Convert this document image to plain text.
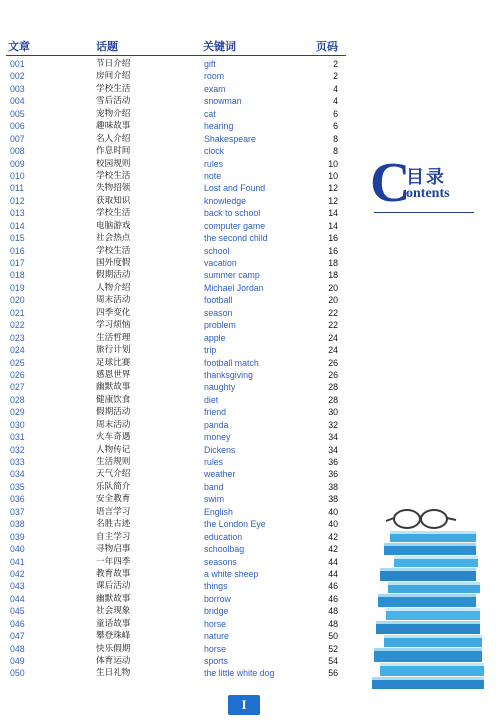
文章	话题	关键词	页码
001	节日介绍	gift	2
002	房间介绍	room	2
003	学校生活	exam	4
004	雪后活动	snowman	4
005	宠物介绍	cat	6
006	趣味故事	hearing	6
007	名人介绍	Shakespeare	8
008	作息时间	clock	8
009	校园规则	rules	10
010	学校生活	note	10
011	失物招领	Lost and Found	12
012	获取知识	knowledge	12
013	学校生活	back to school	14
014	电脑游戏	computer game	14
015	社会热点	the second child	16
016	学校生活	school	16
017	国外度假	vacation	18
018	假期活动	summer camp	18
019	人物介绍	Michael Jordan	20
020	周末活动	football	20
021	四季变化	season	22
022	学习烦恼	problem	22
023	生活哲理	apple	24
024	旅行计划	trip	24
025	足球比赛	football match	26
026	感恩世界	thanksgiving	26
027	幽默故事	naughty	28
028	健康饮食	diet	28
029	假期活动	friend	30
030	周末活动	panda	32
031	火车奇遇	money	34
032	人物传记	Dickens	34
033	生活规则	rules	36
034	天气介绍	weather	36
035	乐队简介	band	38
036	安全教育	swim	38
037	语言学习	English	40
038	名胜古迹	the London Eye	40
039	自主学习	education	42
040	寻物启事	schoolbag	42
041	一年四季	seasons	44
042	教育故事	a white sheep	44
043	课后活动	things	46
044	幽默故事	borrow	46
045	社会现象	bridge	48
046	童话故事	horse	48
047	攀登珠峰	nature	50
048	快乐假期	horse	52
049	体育运动	sports	54
050	生日礼物	the little white dog	56
C
目录
ontents
I
